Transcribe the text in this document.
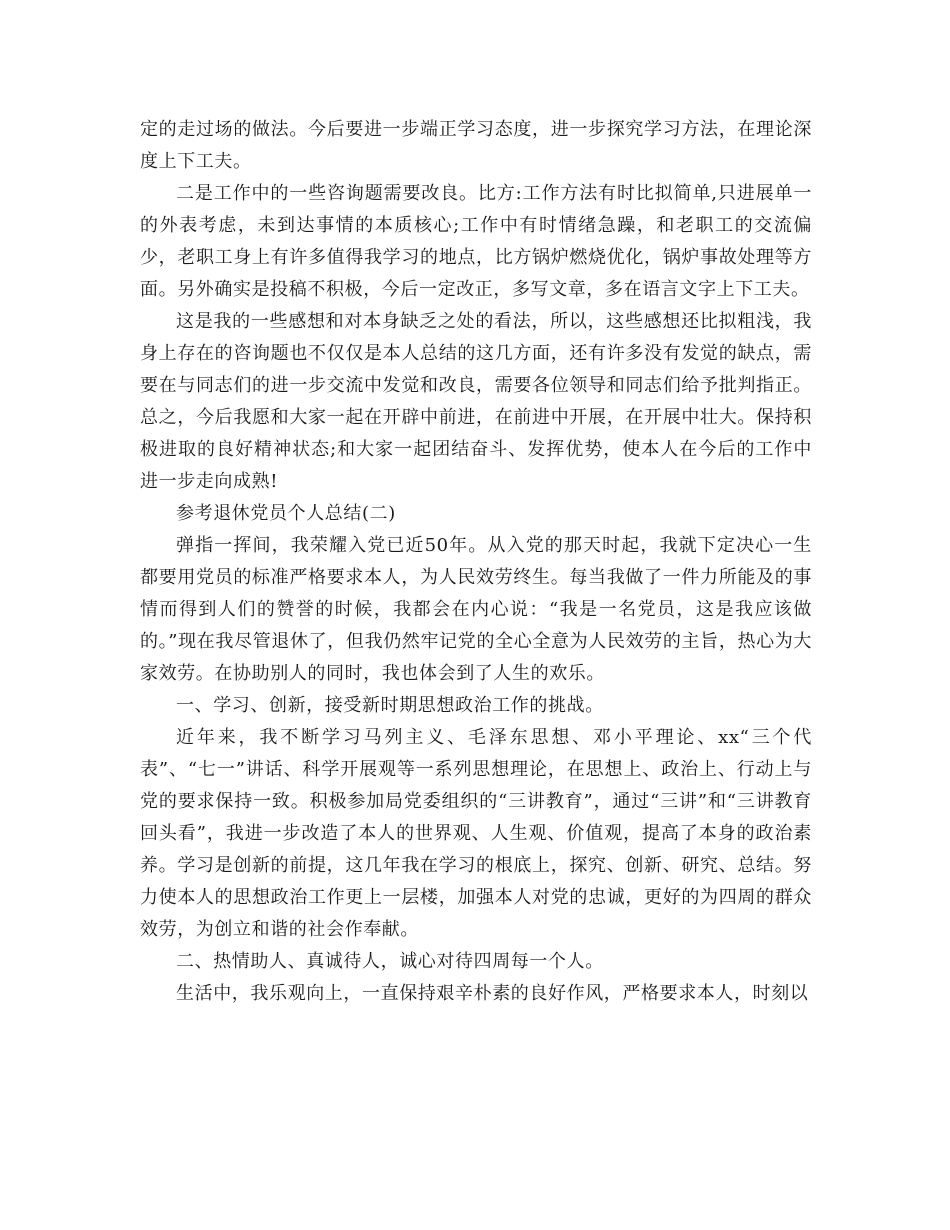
定的走过场的做法。今后要进一步端正学习态度，进一步探究学习方法，在理论深度上下工夫。

二是工作中的一些咨询题需要改良。比方:工作方法有时比拟简单,只进展单一的外表考虑，未到达事情的本质核心;工作中有时情绪急躁，和老职工的交流偏少，老职工身上有许多值得我学习的地点，比方锅炉燃烧优化，锅炉事故处理等方面。另外确实是投稿不积极，今后一定改正，多写文章，多在语言文字上下工夫。

这是我的一些感想和对本身缺乏之处的看法，所以，这些感想还比拟粗浅，我身上存在的咨询题也不仅仅是本人总结的这几方面，还有许多没有发觉的缺点，需要在与同志们的进一步交流中发觉和改良，需要各位领导和同志们给予批判指正。总之，今后我愿和大家一起在开辟中前进，在前进中开展，在开展中壮大。保持积极进取的良好精神状态;和大家一起团结奋斗、发挥优势，使本人在今后的工作中进一步走向成熟!

参考退休党员个人总结(二)

弹指一挥间，我荣耀入党已近50年。从入党的那天时起，我就下定决心一生都要用党员的标准严格要求本人，为人民效劳终生。每当我做了一件力所能及的事情而得到人们的赞誉的时候，我都会在内心说：“我是一名党员，这是我应该做的。”现在我尽管退休了，但我仍然牢记党的全心全意为人民效劳的主旨，热心为大家效劳。在协助别人的同时，我也体会到了人生的欢乐。

一、学习、创新，接受新时期思想政治工作的挑战。

近年来，我不断学习马列主义、毛泽东思想、邓小平理论、xx“三个代表”、“七一”讲话、科学开展观等一系列思想理论，在思想上、政治上、行动上与党的要求保持一致。积极参加局党委组织的“三讲教育”，通过“三讲”和“三讲教育回头看”，我进一步改造了本人的世界观、人生观、价值观，提高了本身的政治素养。学习是创新的前提，这几年我在学习的根底上，探究、创新、研究、总结。努力使本人的思想政治工作更上一层楼，加强本人对党的忠诚，更好的为四周的群众效劳，为创立和谐的社会作奉献。

二、热情助人、真诚待人，诚心对待四周每一个人。

生活中，我乐观向上，一直保持艰辛朴素的良好作风，严格要求本人，时刻以
